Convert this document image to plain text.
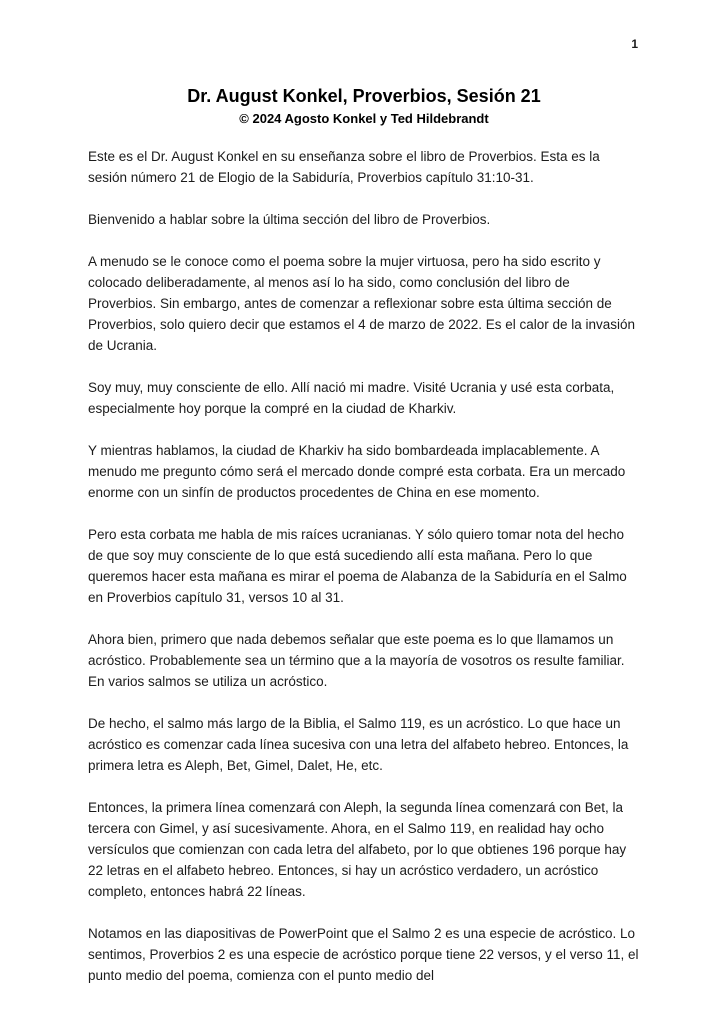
1
Dr. August Konkel, Proverbios, Sesión 21
© 2024 Agosto Konkel y Ted Hildebrandt

Este es el Dr. August Konkel en su enseñanza sobre el libro de Proverbios. Esta es la sesión número 21 de Elogio de la Sabiduría, Proverbios capítulo 31:10-31.

Bienvenido a hablar sobre la última sección del libro de Proverbios.

A menudo se le conoce como el poema sobre la mujer virtuosa, pero ha sido escrito y colocado deliberadamente, al menos así lo ha sido, como conclusión del libro de Proverbios. Sin embargo, antes de comenzar a reflexionar sobre esta última sección de Proverbios, solo quiero decir que estamos el 4 de marzo de 2022. Es el calor de la invasión de Ucrania.

Soy muy, muy consciente de ello. Allí nació mi madre. Visité Ucrania y usé esta corbata, especialmente hoy porque la compré en la ciudad de Kharkiv.

Y mientras hablamos, la ciudad de Kharkiv ha sido bombardeada implacablemente. A menudo me pregunto cómo será el mercado donde compré esta corbata. Era un mercado enorme con un sinfín de productos procedentes de China en ese momento.

Pero esta corbata me habla de mis raíces ucranianas. Y sólo quiero tomar nota del hecho de que soy muy consciente de lo que está sucediendo allí esta mañana. Pero lo que queremos hacer esta mañana es mirar el poema de Alabanza de la Sabiduría en el Salmo en Proverbios capítulo 31, versos 10 al 31.

Ahora bien, primero que nada debemos señalar que este poema es lo que llamamos un acróstico. Probablemente sea un término que a la mayoría de vosotros os resulte familiar. En varios salmos se utiliza un acróstico.

De hecho, el salmo más largo de la Biblia, el Salmo 119, es un acróstico. Lo que hace un acróstico es comenzar cada línea sucesiva con una letra del alfabeto hebreo. Entonces, la primera letra es Aleph, Bet, Gimel, Dalet, He, etc.

Entonces, la primera línea comenzará con Aleph, la segunda línea comenzará con Bet, la tercera con Gimel, y así sucesivamente. Ahora, en el Salmo 119, en realidad hay ocho versículos que comienzan con cada letra del alfabeto, por lo que obtienes 196 porque hay 22 letras en el alfabeto hebreo. Entonces, si hay un acróstico verdadero, un acróstico completo, entonces habrá 22 líneas.

Notamos en las diapositivas de PowerPoint que el Salmo 2 es una especie de acróstico. Lo sentimos, Proverbios 2 es una especie de acróstico porque tiene 22 versos, y el verso 11, el punto medio del poema, comienza con el punto medio del
